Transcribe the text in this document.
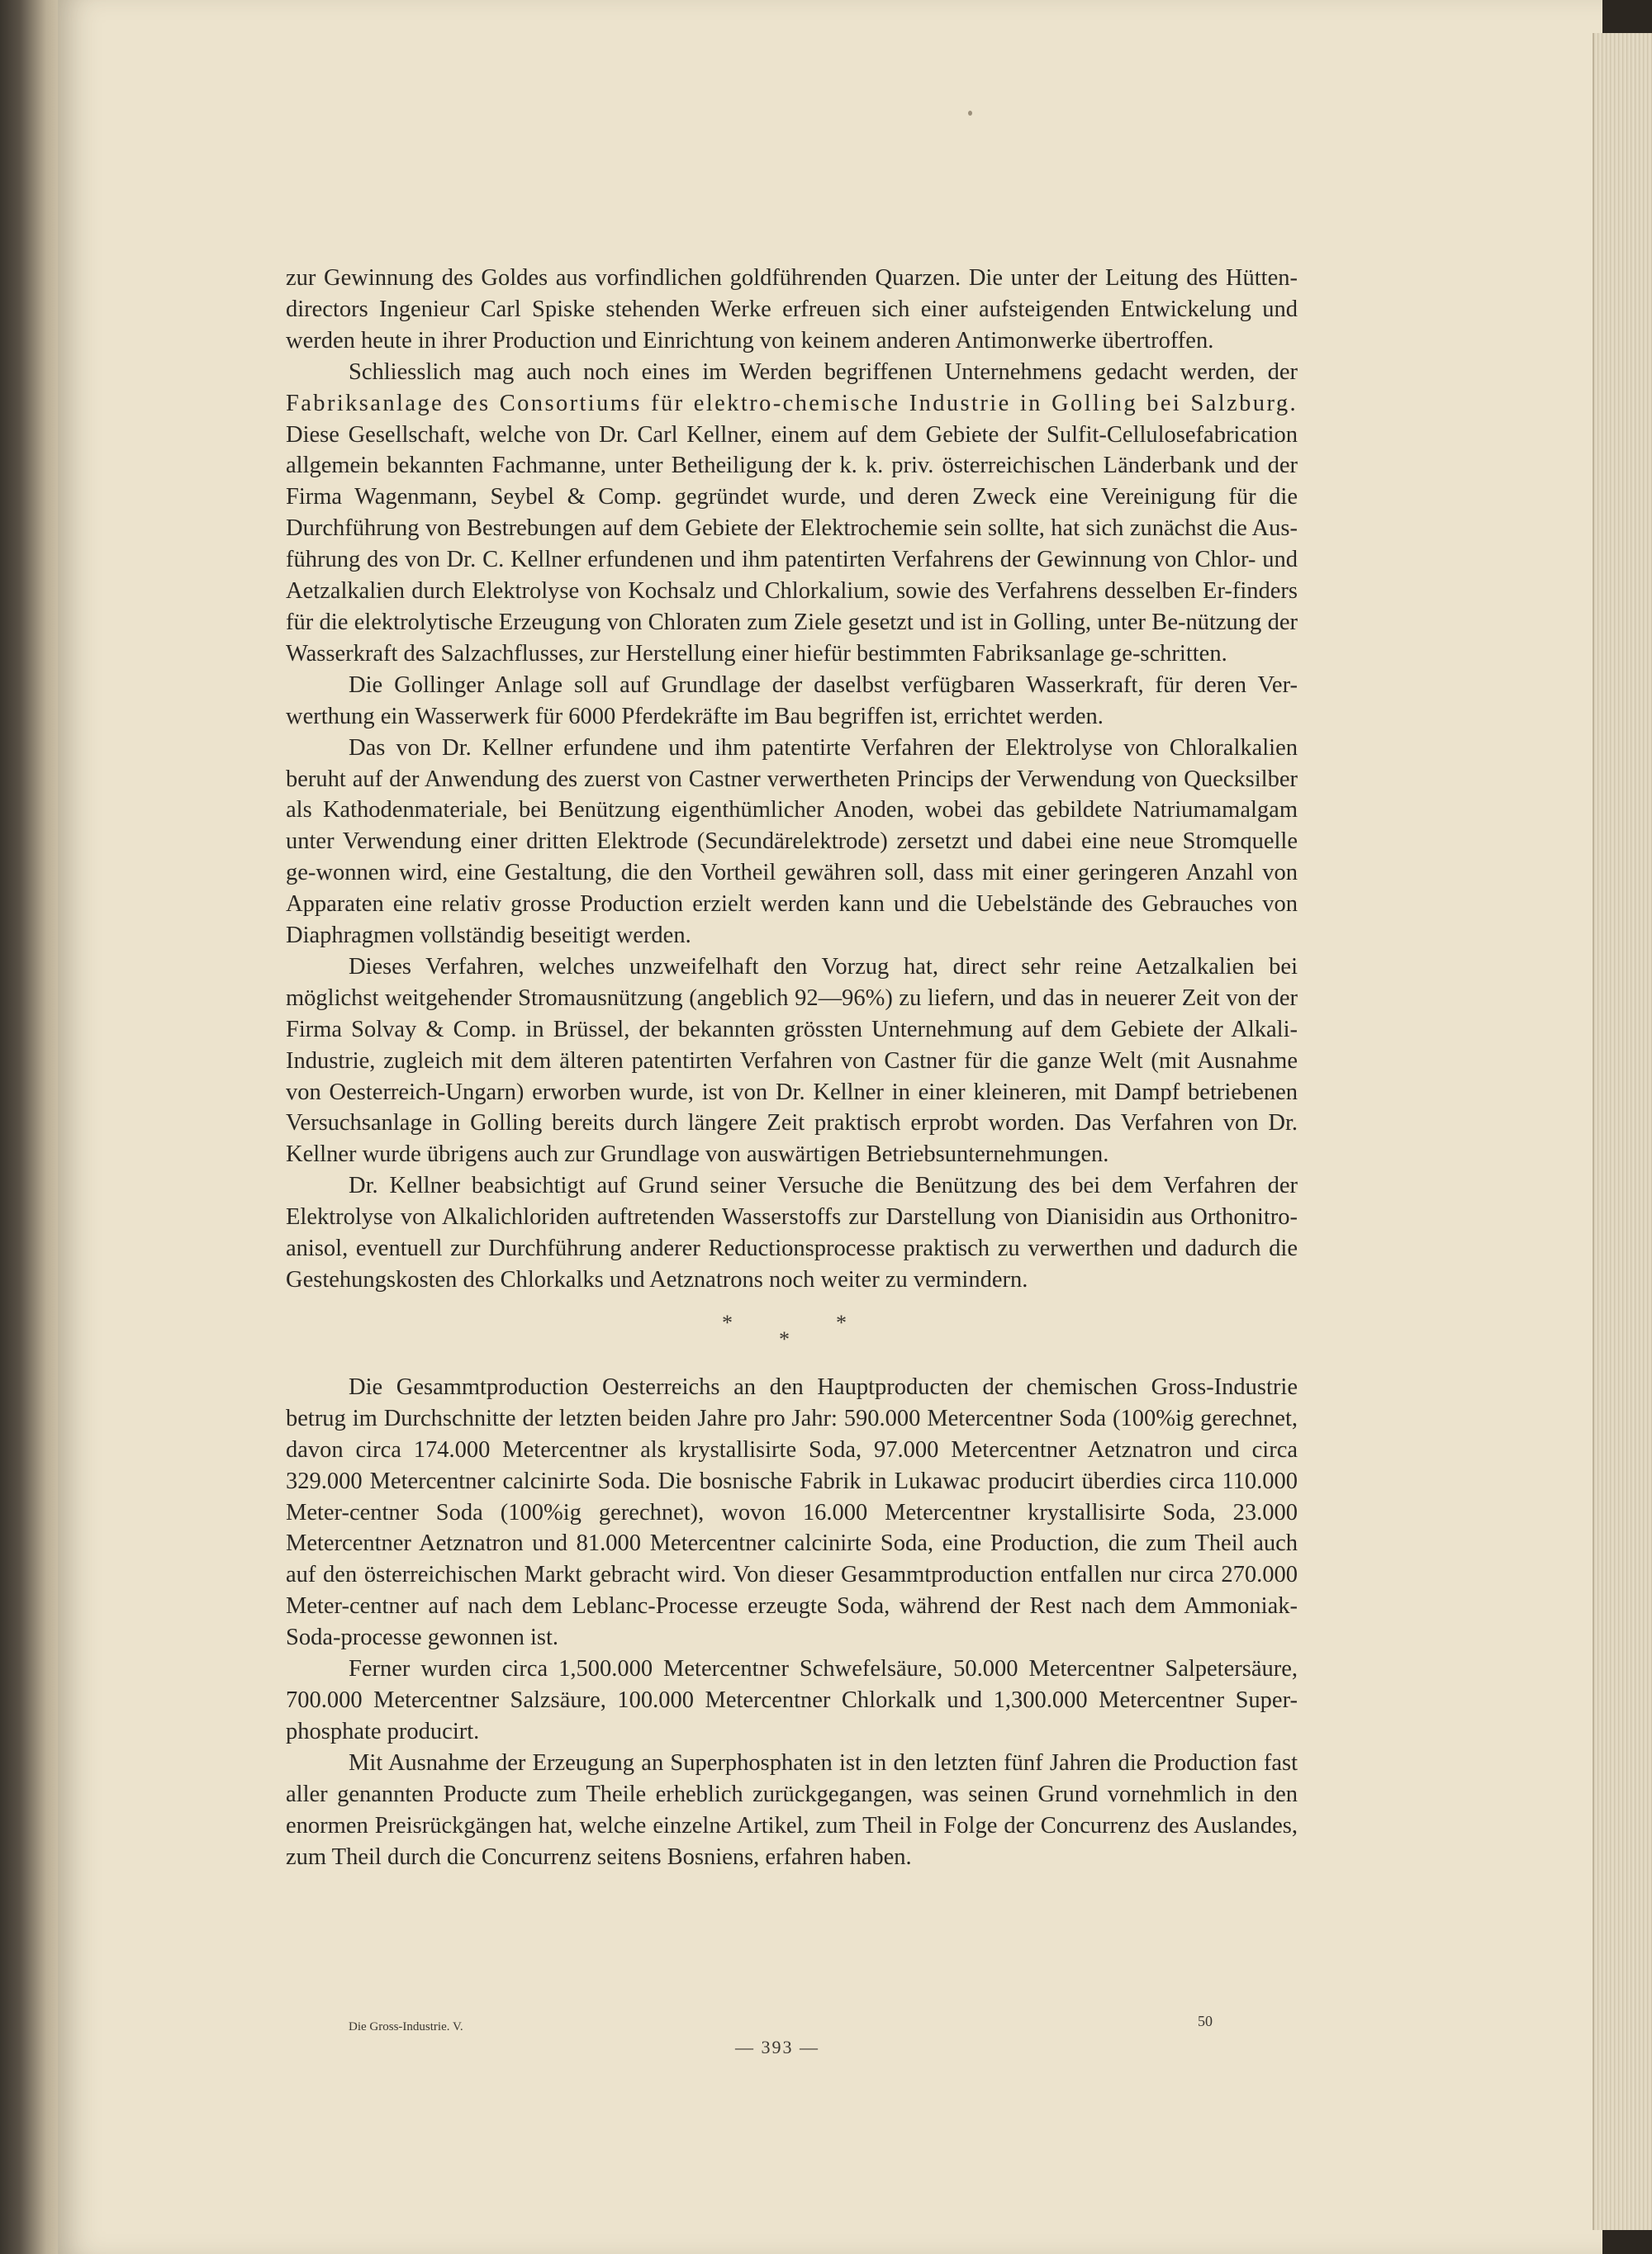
zur Gewinnung des Goldes aus vorfindlichen goldführenden Quarzen. Die unter der Leitung des Hütten-directors Ingenieur Carl Spiske stehenden Werke erfreuen sich einer aufsteigenden Entwickelung und werden heute in ihrer Production und Einrichtung von keinem anderen Antimonwerke übertroffen.

Schliesslich mag auch noch eines im Werden begriffenen Unternehmens gedacht werden, der Fabriksanlage des Consortiums für elektro-chemische Industrie in Golling bei Salzburg. Diese Gesellschaft, welche von Dr. Carl Kellner, einem auf dem Gebiete der Sulfit-Cellulosefabrication allgemein bekannten Fachmanne, unter Betheiligung der k. k. priv. österreichischen Länderbank und der Firma Wagenmann, Seybel & Comp. gegründet wurde, und deren Zweck eine Vereinigung für die Durchführung von Bestrebungen auf dem Gebiete der Elektrochemie sein sollte, hat sich zunächst die Aus-führung des von Dr. C. Kellner erfundenen und ihm patentirten Verfahrens der Gewinnung von Chlor- und Aetzalkalien durch Elektrolyse von Kochsalz und Chlorkalium, sowie des Verfahrens desselben Er-finders für die elektrolytische Erzeugung von Chloraten zum Ziele gesetzt und ist in Golling, unter Be-nützung der Wasserkraft des Salzachflusses, zur Herstellung einer hiefür bestimmten Fabriksanlage ge-schritten.

Die Gollinger Anlage soll auf Grundlage der daselbst verfügbaren Wasserkraft, für deren Ver-werthung ein Wasserwerk für 6000 Pferdekräfte im Bau begriffen ist, errichtet werden.

Das von Dr. Kellner erfundene und ihm patentirte Verfahren der Elektrolyse von Chloralkalien beruht auf der Anwendung des zuerst von Castner verwertheten Princips der Verwendung von Quecksilber als Kathodenmateriale, bei Benützung eigenthümlicher Anoden, wobei das gebildete Natriumamalgam unter Verwendung einer dritten Elektrode (Secundärelektrode) zersetzt und dabei eine neue Stromquelle ge-wonnen wird, eine Gestaltung, die den Vortheil gewähren soll, dass mit einer geringeren Anzahl von Apparaten eine relativ grosse Production erzielt werden kann und die Uebelstände des Gebrauches von Diaphragmen vollständig beseitigt werden.

Dieses Verfahren, welches unzweifelhaft den Vorzug hat, direct sehr reine Aetzalkalien bei möglichst weitgehender Stromausnützung (angeblich 92—96%) zu liefern, und das in neuerer Zeit von der Firma Solvay & Comp. in Brüssel, der bekannten grössten Unternehmung auf dem Gebiete der Alkali-Industrie, zugleich mit dem älteren patentirten Verfahren von Castner für die ganze Welt (mit Ausnahme von Oesterreich-Ungarn) erworben wurde, ist von Dr. Kellner in einer kleineren, mit Dampf betriebenen Versuchsanlage in Golling bereits durch längere Zeit praktisch erprobt worden. Das Verfahren von Dr. Kellner wurde übrigens auch zur Grundlage von auswärtigen Betriebsunternehmungen.

Dr. Kellner beabsichtigt auf Grund seiner Versuche die Benützung des bei dem Verfahren der Elektrolyse von Alkalichloriden auftretenden Wasserstoffs zur Darstellung von Dianisidin aus Orthonitro-anisol, eventuell zur Durchführung anderer Reductionsprocesse praktisch zu verwerthen und dadurch die Gestehungskosten des Chlorkalks und Aetznatrons noch weiter zu vermindern.

*	*
*

Die Gesammtproduction Oesterreichs an den Hauptproducten der chemischen Gross-Industrie betrug im Durchschnitte der letzten beiden Jahre pro Jahr: 590.000 Metercentner Soda (100%ig gerechnet, davon circa 174.000 Metercentner als krystallisirte Soda, 97.000 Metercentner Aetznatron und circa 329.000 Metercentner calcinirte Soda. Die bosnische Fabrik in Lukawac producirt überdies circa 110.000 Meter-centner Soda (100%ig gerechnet), wovon 16.000 Metercentner krystallisirte Soda, 23.000 Metercentner Aetznatron und 81.000 Metercentner calcinirte Soda, eine Production, die zum Theil auch auf den österreichischen Markt gebracht wird. Von dieser Gesammtproduction entfallen nur circa 270.000 Meter-centner auf nach dem Leblanc-Processe erzeugte Soda, während der Rest nach dem Ammoniak-Soda-processe gewonnen ist.

Ferner wurden circa 1,500.000 Metercentner Schwefelsäure, 50.000 Metercentner Salpetersäure, 700.000 Metercentner Salzsäure, 100.000 Metercentner Chlorkalk und 1,300.000 Metercentner Super-phosphate producirt.

Mit Ausnahme der Erzeugung an Superphosphaten ist in den letzten fünf Jahren die Production fast aller genannten Producte zum Theile erheblich zurückgegangen, was seinen Grund vornehmlich in den enormen Preisrückgängen hat, welche einzelne Artikel, zum Theil in Folge der Concurrenz des Auslandes, zum Theil durch die Concurrenz seitens Bosniens, erfahren haben.

Die Gross-Industrie. V.	50
— 393 —
